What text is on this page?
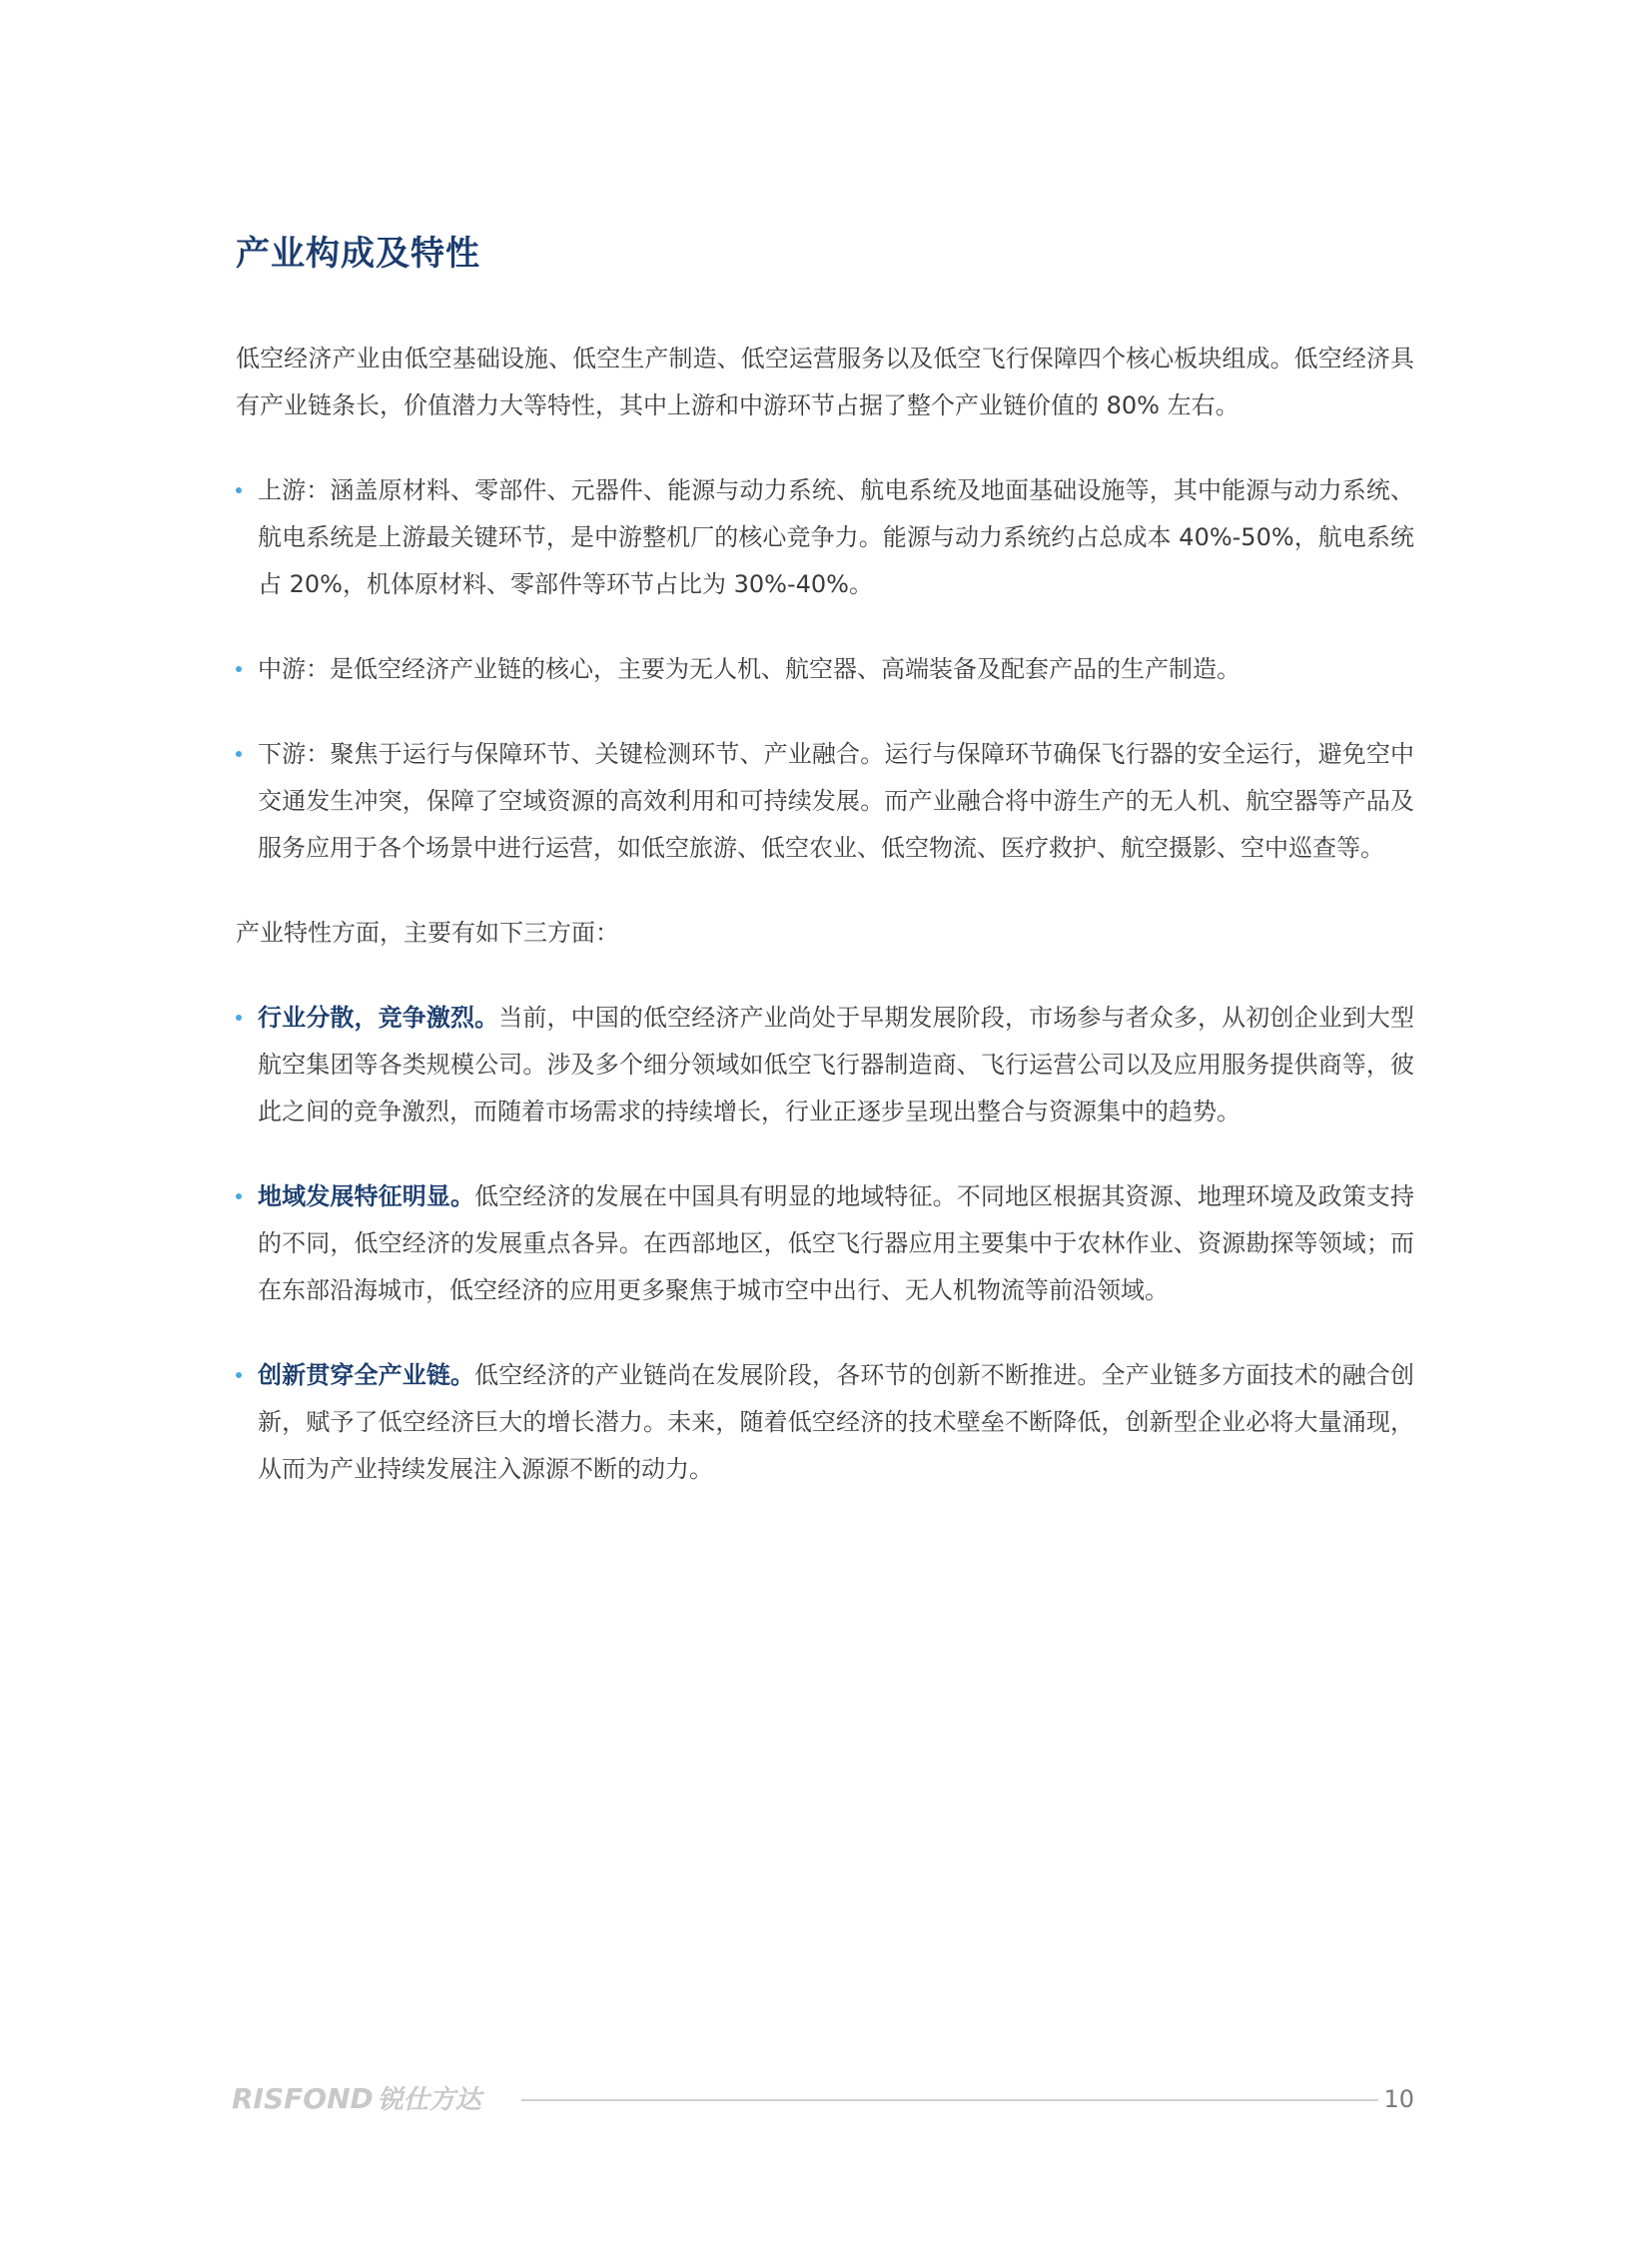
产业构成及特性

低空经济产业由低空基础设施、低空生产制造、低空运营服务以及低空飞行保障四个核心板块组成。低空经济具有产业链条长，价值潜力大等特性，其中上游和中游环节占据了整个产业链价值的 80% 左右。

上游：涵盖原材料、零部件、元器件、能源与动力系统、航电系统及地面基础设施等，其中能源与动力系统、航电系统是上游最关键环节，是中游整机厂的核心竞争力。能源与动力系统约占总成本 40%-50%，航电系统占 20%，机体原材料、零部件等环节占比为 30%-40%。
中游：是低空经济产业链的核心，主要为无人机、航空器、高端装备及配套产品的生产制造。
下游：聚焦于运行与保障环节、关键检测环节、产业融合。运行与保障环节确保飞行器的安全运行，避免空中交通发生冲突，保障了空域资源的高效利用和可持续发展。而产业融合将中游生产的无人机、航空器等产品及服务应用于各个场景中进行运营，如低空旅游、低空农业、低空物流、医疗救护、航空摄影、空中巡查等。

产业特性方面，主要有如下三方面：

行业分散，竞争激烈。当前，中国的低空经济产业尚处于早期发展阶段，市场参与者众多，从初创企业到大型航空集团等各类规模公司。涉及多个细分领域如低空飞行器制造商、飞行运营公司以及应用服务提供商等，彼此之间的竞争激烈，而随着市场需求的持续增长，行业正逐步呈现出整合与资源集中的趋势。
地域发展特征明显。低空经济的发展在中国具有明显的地域特征。不同地区根据其资源、地理环境及政策支持的不同，低空经济的发展重点各异。在西部地区，低空飞行器应用主要集中于农林作业、资源勘探等领域；而在东部沿海城市，低空经济的应用更多聚焦于城市空中出行、无人机物流等前沿领域。
创新贯穿全产业链。低空经济的产业链尚在发展阶段，各环节的创新不断推进。全产业链多方面技术的融合创新，赋予了低空经济巨大的增长潜力。未来，随着低空经济的技术壁垒不断降低，创新型企业必将大量涌现，从而为产业持续发展注入源源不断的动力。
RISFOND 锐仕方达	10
